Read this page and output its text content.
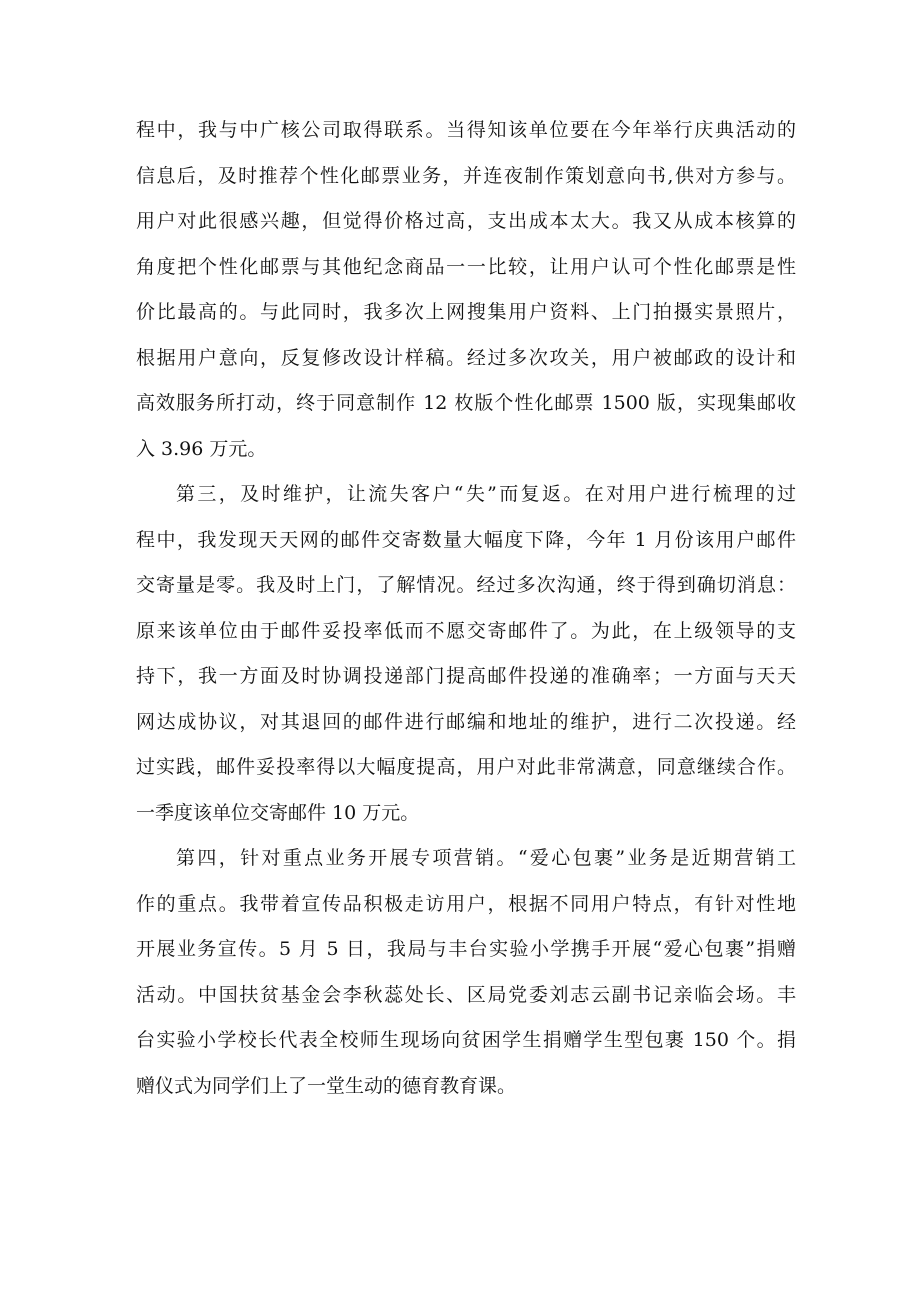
程中，我与中广核公司取得联系。当得知该单位要在今年举行庆典活动的
信息后，及时推荐个性化邮票业务，并连夜制作策划意向书,供对方参与。
用户对此很感兴趣，但觉得价格过高，支出成本太大。我又从成本核算的
角度把个性化邮票与其他纪念商品一一比较，让用户认可个性化邮票是性
价比最高的。与此同时，我多次上网搜集用户资料、上门拍摄实景照片，
根据用户意向，反复修改设计样稿。经过多次攻关，用户被邮政的设计和
高效服务所打动，终于同意制作 12 枚版个性化邮票 1500 版，实现集邮收
入 3.96 万元。
第三，及时维护，让流失客户“失”而复返。在对用户进行梳理的过
程中，我发现天天网的邮件交寄数量大幅度下降，今年 1 月份该用户邮件
交寄量是零。我及时上门，了解情况。经过多次沟通，终于得到确切消息：
原来该单位由于邮件妥投率低而不愿交寄邮件了。为此，在上级领导的支
持下，我一方面及时协调投递部门提高邮件投递的准确率；一方面与天天
网达成协议，对其退回的邮件进行邮编和地址的维护，进行二次投递。经
过实践，邮件妥投率得以大幅度提高，用户对此非常满意，同意继续合作。
一季度该单位交寄邮件 10 万元。
第四，针对重点业务开展专项营销。“爱心包裹”业务是近期营销工
作的重点。我带着宣传品积极走访用户，根据不同用户特点，有针对性地
开展业务宣传。5 月 5 日，我局与丰台实验小学携手开展“爱心包裹”捐赠
活动。中国扶贫基金会李秋蕊处长、区局党委刘志云副书记亲临会场。丰
台实验小学校长代表全校师生现场向贫困学生捐赠学生型包裹 150 个。捐
赠仪式为同学们上了一堂生动的德育教育课。
